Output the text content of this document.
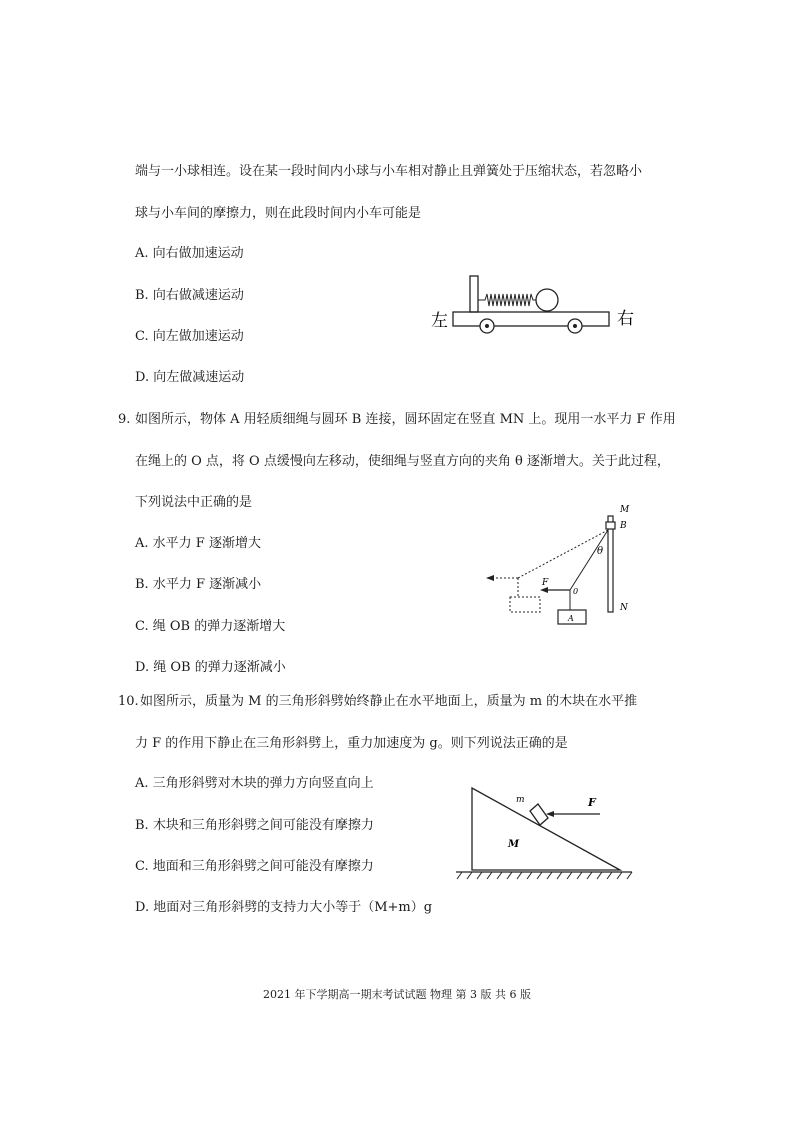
端与一小球相连。设在某一段时间内小球与小车相对静止且弹簧处于压缩状态，若忽略小
球与小车间的摩擦力，则在此段时间内小车可能是
A. 向右做加速运动
B. 向右做减速运动
C. 向左做加速运动
D. 向左做减速运动
左	右
9. 如图所示，物体 A 用轻质细绳与圆环 B 连接，圆环固定在竖直 MN 上。现用一水平力 F 作用
在绳上的 O 点，将 O 点缓慢向左移动，使细绳与竖直方向的夹角 θ 逐渐增大。关于此过程，
下列说法中正确的是
A. 水平力 F 逐渐增大
B. 水平力 F 逐渐减小
C. 绳 OB 的弹力逐渐增大
D. 绳 OB 的弹力逐渐减小
M
B
N
θ
F
0
A
10. 如图所示，质量为 M 的三角形斜劈始终静止在水平地面上，质量为 m 的木块在水平推
力 F 的作用下静止在三角形斜劈上，重力加速度为 g。则下列说法正确的是
A. 三角形斜劈对木块的弹力方向竖直向上
B. 木块和三角形斜劈之间可能没有摩擦力
C. 地面和三角形斜劈之间可能没有摩擦力
D. 地面对三角形斜劈的支持力大小等于（M+m）g
m	F
M
2021 年下学期高一期末考试试题 物理 第 3 版 共 6 版
